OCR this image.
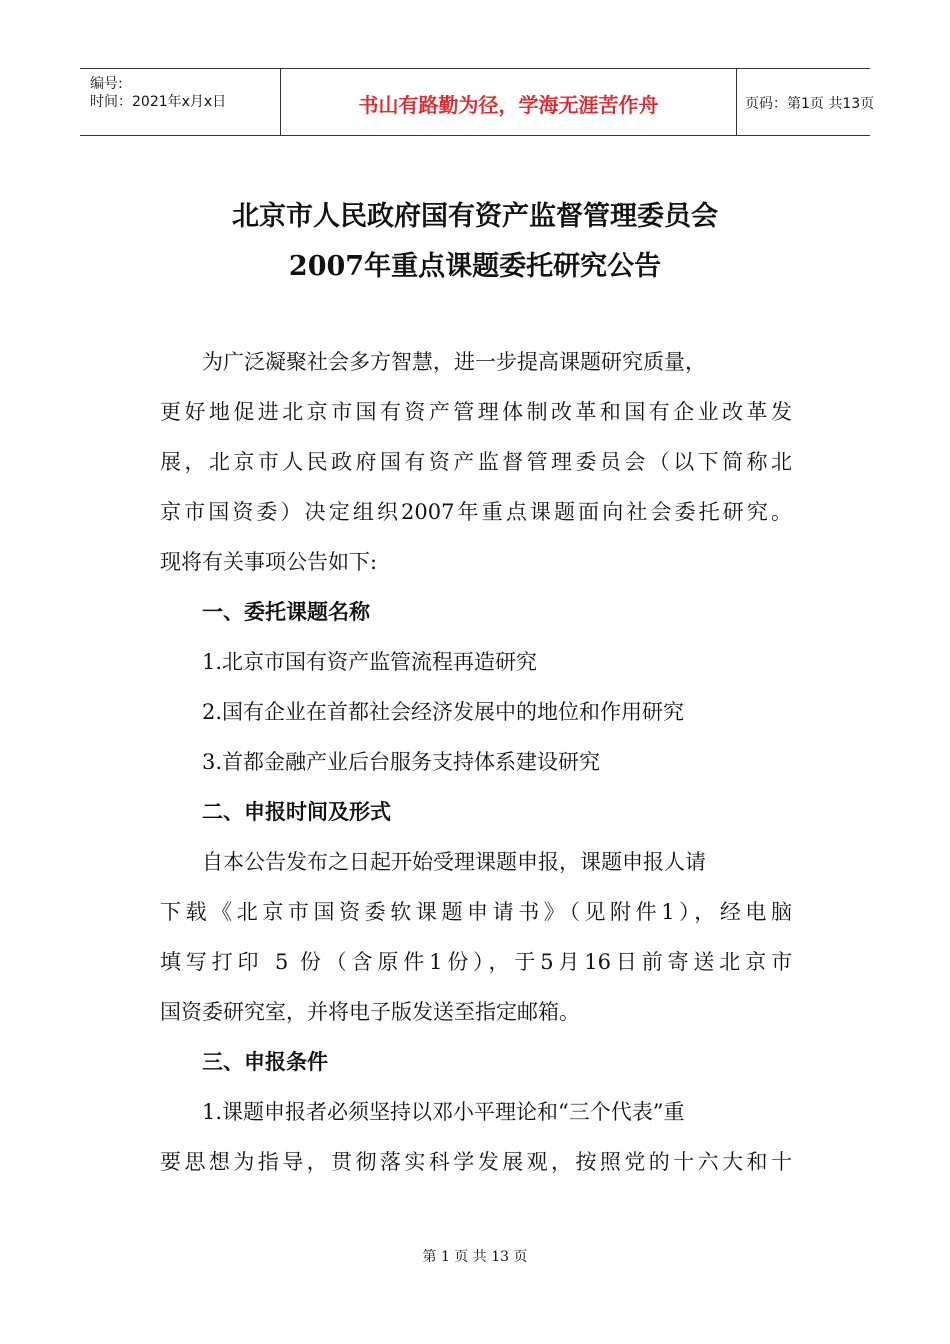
编号:
时间：2021年x月x日	书山有路勤为径，学海无涯苦作舟	页码：第1页 共13页
北京市人民政府国有资产监督管理委员会
2007年重点课题委托研究公告
为广泛凝聚社会多方智慧，进一步提高课题研究质量，
更好地促进北京市国有资产管理体制改革和国有企业改革发
展，北京市人民政府国有资产监督管理委员会（以下简称北
京市国资委）决定组织2007年重点课题面向社会委托研究。
现将有关事项公告如下:
一、委托课题名称
1.北京市国有资产监管流程再造研究
2.国有企业在首都社会经济发展中的地位和作用研究
3.首都金融产业后台服务支持体系建设研究
二、申报时间及形式
自本公告发布之日起开始受理课题申报，课题申报人请
下载《北京市国资委软课题申请书》（见附件1），经电脑
填写打印 5 份（含原件1份），于5月16日前寄送北京市
国资委研究室，并将电子版发送至指定邮箱。
三、申报条件
1.课题申报者必须坚持以邓小平理论和“三个代表”重
要思想为指导，贯彻落实科学发展观，按照党的十六大和十
第 1 页 共 13 页
